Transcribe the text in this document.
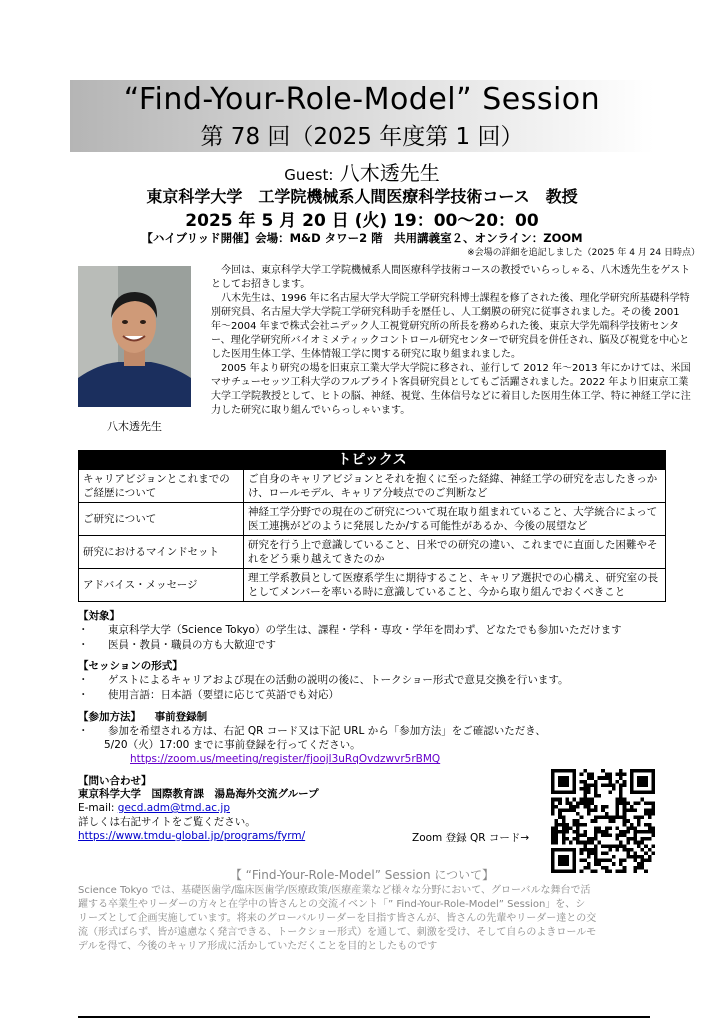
“Find-Your-Role-Model” Session
第 78 回（2025 年度第 1 回）
Guest: 八木透先生
東京科学大学　工学院機械系人間医療科学技術コース　教授
2025 年 5 月 20 日 (火) 19：00～20：00
【ハイブリッド開催】会場：M&D タワー2 階　共用講義室２、オンライン：ZOOM
※会場の詳細を追記しました（2025 年 4 月 24 日時点）
八木透先生

今回は、東京科学大学工学院機械系人間医療科学技術コースの教授でいらっしゃる、八木透先生をゲストとしてお招きします。

八木先生は、1996 年に名古屋大学大学院工学研究科博士課程を修了された後、理化学研究所基礎科学特別研究員、名古屋大学大学院工学研究科助手を歴任し、人工網膜の研究に従事されました。その後 2001 年～2004 年まで株式会社ニデック人工視覚研究所の所長を務められた後、東京大学先端科学技術センター、理化学研究所バイオミメティックコントロール研究センターで研究員を併任され、脳及び視覚を中心とした医用生体工学、生体情報工学に関する研究に取り組まれました。

2005 年より研究の場を旧東京工業大学大学院に移され、並行して 2012 年～2013 年にかけては、米国マサチューセッツ工科大学のフルブライト客員研究員としてもご活躍されました。2022 年より旧東京工業大学工学院教授として、ヒトの脳、神経、視覚、生体信号などに着目した医用生体工学、特に神経工学に注力した研究に取り組んでいらっしゃいます。

トピックス	
キャリアビジョンとこれまでのご経歴について	ご自身のキャリアビジョンとそれを抱くに至った経緯、神経工学の研究を志したきっかけ、ロールモデル、キャリア分岐点でのご判断など
ご研究について	神経工学分野での現在のご研究について現在取り組まれていること、大学統合によって医工連携がどのように発展したか/する可能性があるか、今後の展望など
研究におけるマインドセット	研究を行う上で意識していること、日米での研究の違い、これまでに直面した困難やそれをどう乗り越えてきたのか
アドバイス・メッセージ	理工学系教員として医療系学生に期待すること、キャリア選択での心構え、研究室の長としてメンバーを率いる時に意識していること、今から取り組んでおくべきこと
【対象】
・ 東京科学大学（Science Tokyo）の学生は、課程・学科・専攻・学年を問わず、どなたでも参加いただけます
・ 医員・教員・職員の方も大歓迎です
【セッションの形式】
・ ゲストによるキャリアおよび現在の活動の説明の後に、トークショー形式で意見交換を行います。
・ 使用言語：日本語（要望に応じて英語でも対応）
【参加方法】 事前登録制
・ 参加を希望される方は、右記 QR コード又は下記 URL から「参加方法」をご確認いただき、
5/20（火）17:00 までに事前登録を行ってください。
https://zoom.us/meeting/register/fjoojl3uRqOvdzwvr5rBMQ
【問い合わせ】
東京科学大学　国際教育課　湯島海外交流グループ
E-mail: gecd.adm@tmd.ac.jp
詳しくは右記サイトをご覧ください。
https://www.tmdu-global.jp/programs/fyrm/	Zoom 登録 QR コード→
【 “Find-Your-Role-Model” Session について】
Science Tokyo では、基礎医歯学/臨床医歯学/医療政策/医療産業など様々な分野において、グローバルな舞台で活
躍する卒業生やリーダーの方々と在学中の皆さんとの交流イベント「” Find-Your-Role-Model” Session」を、シ
リーズとして企画実施しています。将来のグローバルリーダーを目指す皆さんが、皆さんの先輩やリーダー達との交
流（形式ばらず、皆が遠慮なく発言できる、トークショー形式）を通して、刺激を受け、そして自らのよきロールモ
デルを得て、今後のキャリア形成に活かしていただくことを目的としたものです
